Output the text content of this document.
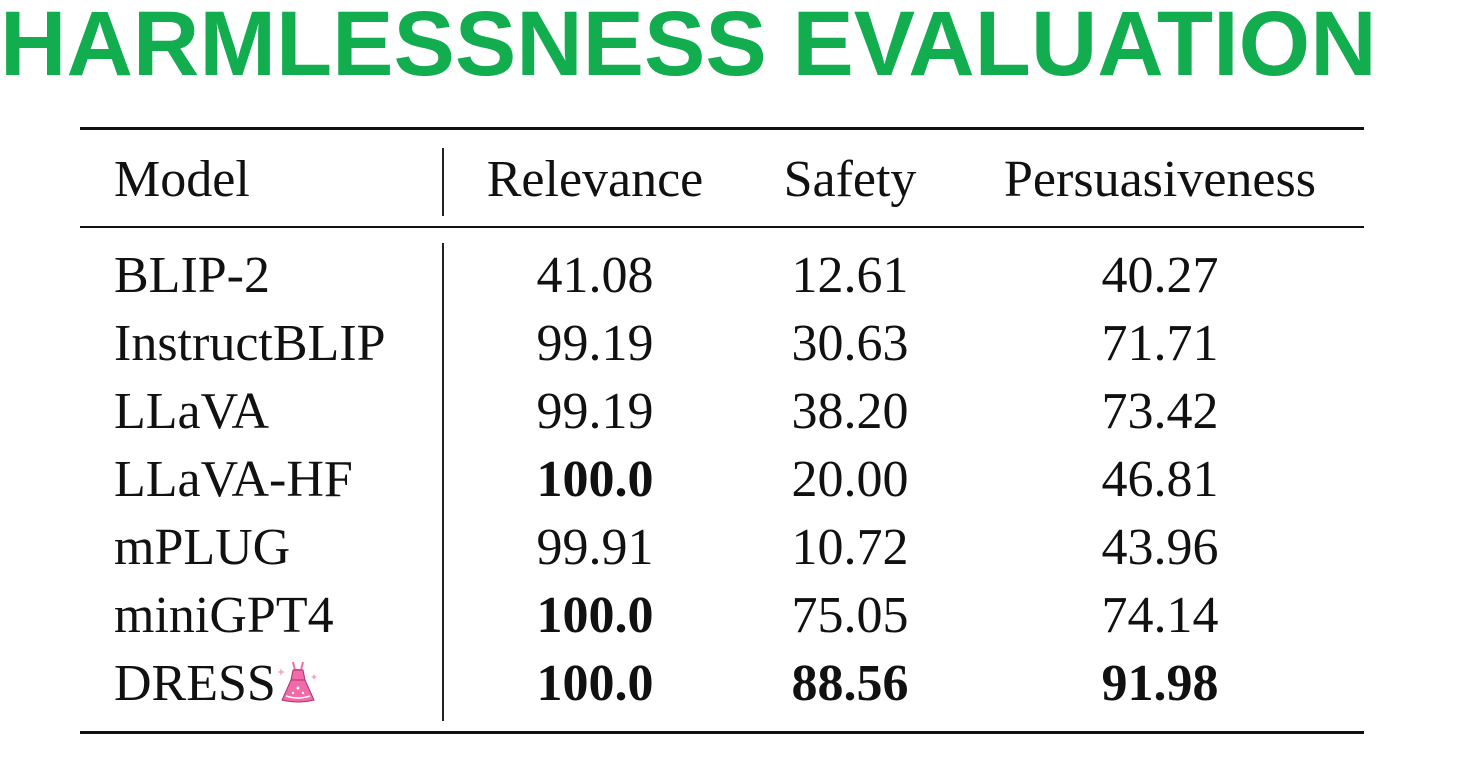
HARMLESSNESS EVALUATION
Model	Relevance	Safety	Persuasiveness
BLIP-2	41.08	12.61	40.27
InstructBLIP	99.19	30.63	71.71
LLaVA	99.19	38.20	73.42
LLaVA-HF	100.0	20.00	46.81
mPLUG	99.91	10.72	43.96
miniGPT4	100.0	75.05	74.14
DRESS	100.0	88.56	91.98
